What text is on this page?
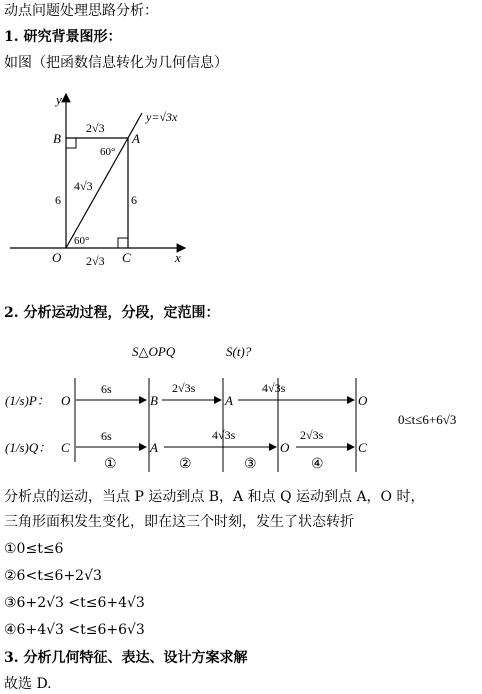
动点问题处理思路分析：
1. 研究背景图形：
如图（把函数信息转化为几何信息）
2. 分析运动过程，分段，定范围：
分析点的运动，当点 P 运动到点 B，A 和点 Q 运动到点 A，O 时，
三角形面积发生变化，即在这三个时刻，发生了状态转折
①0≤t≤6
②6<t≤6+2√3
③6+2√3 <t≤6+4√3
④6+4√3 <t≤6+6√3
3. 分析几何特征、表达、设计方案求解
故选 D.
y
x
y=√3x
B	A
O	C
2√3
2√3
6	6
4√3
60°
60°
S△OPQ	S(t)?
(1/s)P： O	B	A	O
6s	2√3s	4√3s
(1/s)Q： C	A	O	C
6s	4√3s	2√3s
①	②	③	④
0≤t≤6+6√3
